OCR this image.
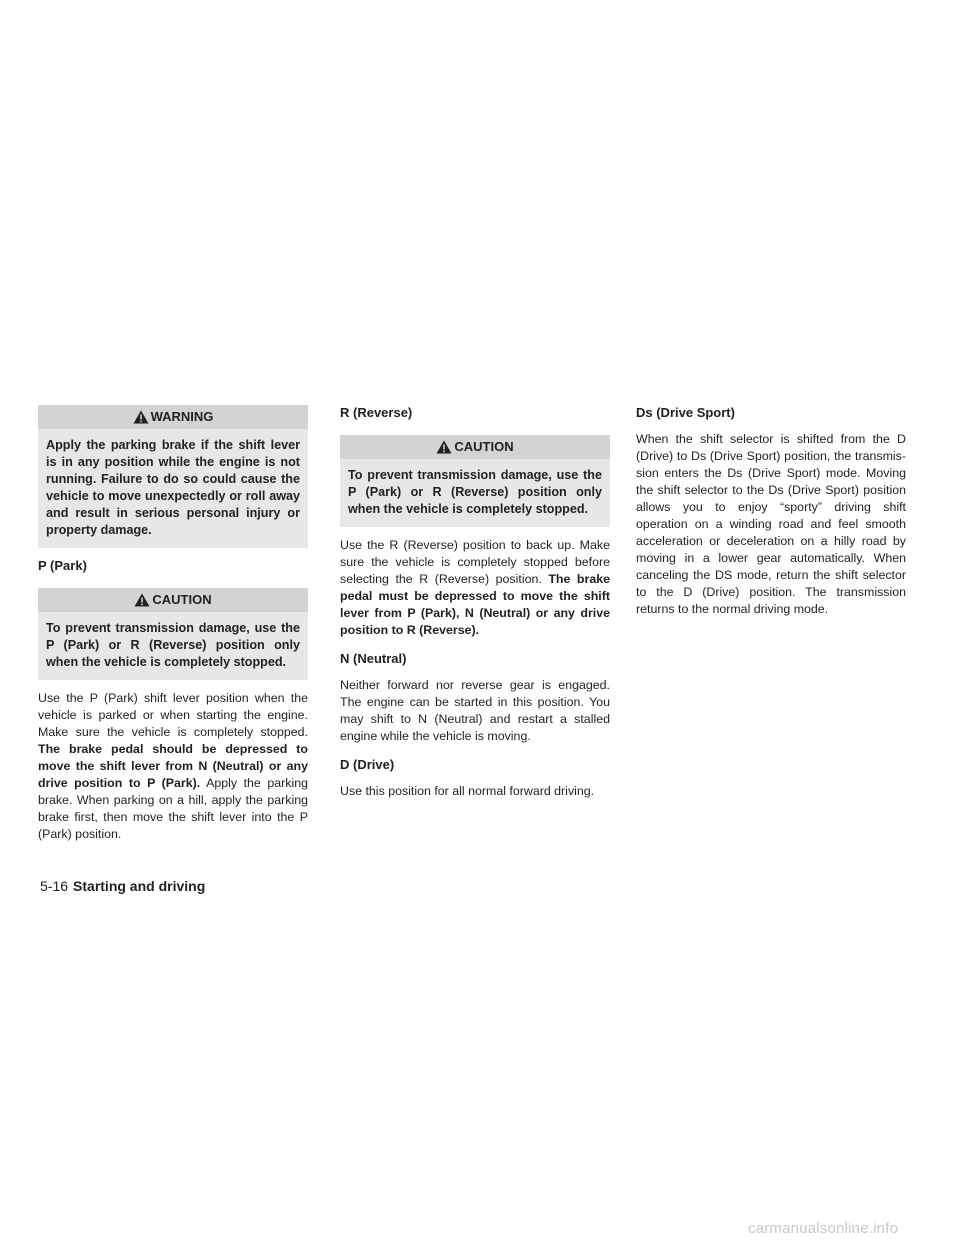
WARNING
Apply the parking brake if the shift lever is in any position while the engine is not running. Failure to do so could cause the vehicle to move unexpectedly or roll away and result in serious personal injury or property damage.
P (Park)
CAUTION
To prevent transmission damage, use the P (Park) or R (Reverse) position only when the vehicle is completely stopped.

Use the P (Park) shift lever position when the vehicle is parked or when starting the engine. Make sure the vehicle is completely stopped. The brake pedal should be depressed to move the shift lever from N (Neutral) or any drive position to P (Park). Apply the parking brake. When parking on a hill, apply the parking brake first, then move the shift lever into the P (Park) position.

R (Reverse)
CAUTION
To prevent transmission damage, use the P (Park) or R (Reverse) position only when the vehicle is completely stopped.

Use the R (Reverse) position to back up. Make sure the vehicle is completely stopped before selecting the R (Reverse) position. The brake pedal must be depressed to move the shift lever from P (Park), N (Neutral) or any drive position to R (Reverse).

N (Neutral)

Neither forward nor reverse gear is engaged. The engine can be started in this position. You may shift to N (Neutral) and restart a stalled engine while the vehicle is moving.

D (Drive)

Use this position for all normal forward driving.

Ds (Drive Sport)

When the shift selector is shifted from the D (Drive) to Ds (Drive Sport) position, the transmis-sion enters the Ds (Drive Sport) mode. Moving the shift selector to the Ds (Drive Sport) position allows you to enjoy “sporty” driving shift operation on a winding road and feel smooth acceleration or deceleration on a hilly road by moving in a lower gear automatically. When canceling the DS mode, return the shift selector to the D (Drive) position. The transmission returns to the normal driving mode.

5-16 Starting and driving
carmanualsonline.info
